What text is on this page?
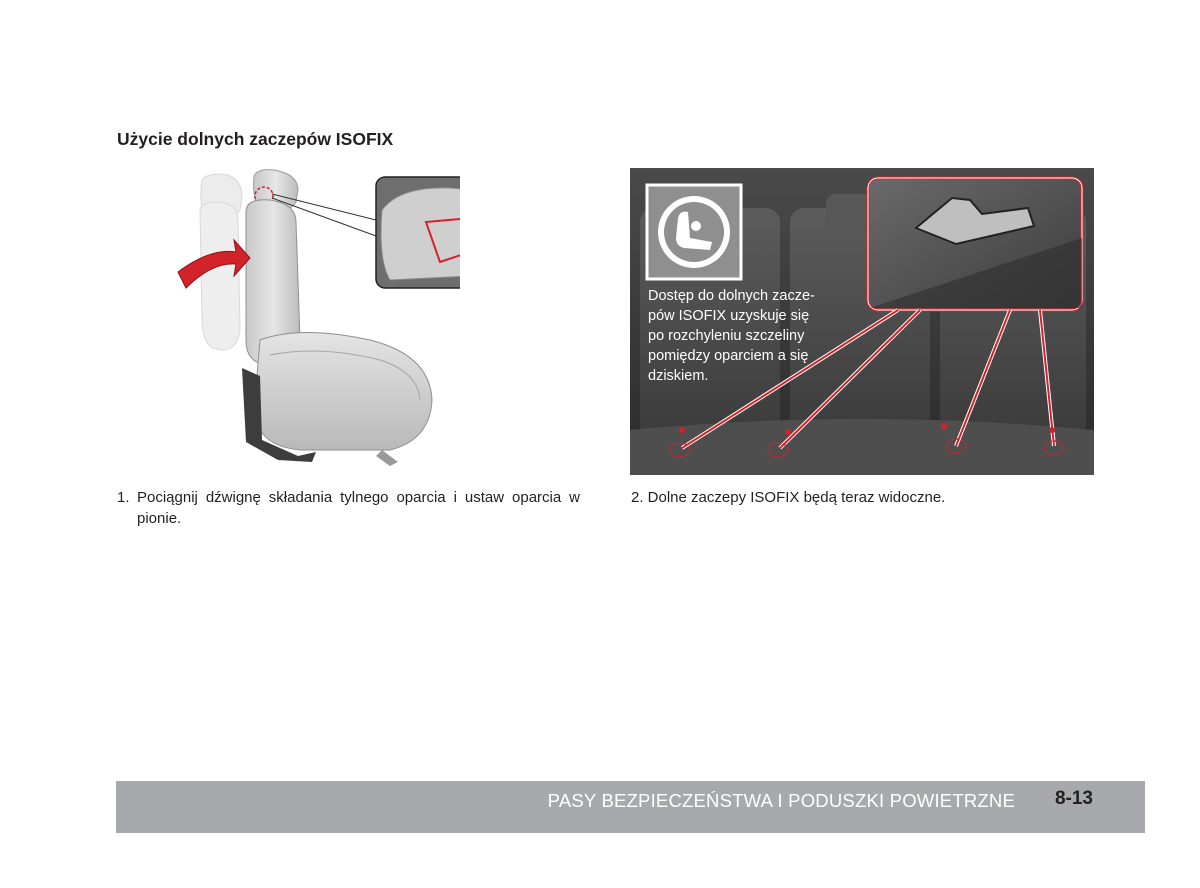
Użycie dolnych zaczepów ISOFIX
Dostęp do dolnych zacze-
pów ISOFIX uzyskuje się
po rozchyleniu szczeliny
pomiędzy oparciem a się
dziskiem.

1. Pociągnij dźwignę składania tylnego oparcia i ustaw oparcia w pionie.

2. Dolne zaczepy ISOFIX będą teraz widoczne.

PASY BEZPIECZEŃSTWA I PODUSZKI POWIETRZNE 8-13
